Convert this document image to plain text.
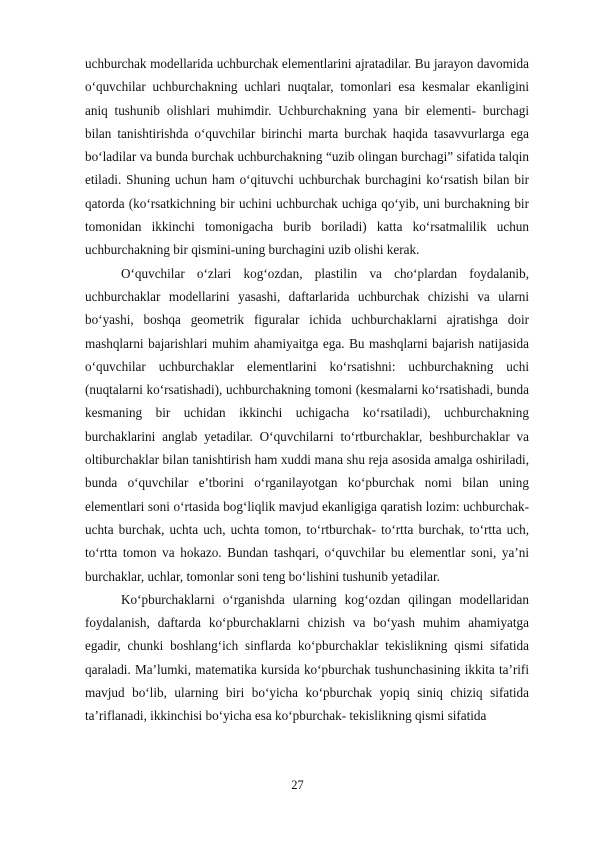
uchburchak modellarida uchburchak elementlarini ajratadilar. Bu jarayon davomida o‘quvchilar uchburchakning uchlari nuqtalar, tomonlari esa kesmalar ekanligini aniq tushunib olishlari muhimdir. Uchburchakning yana bir elementi- burchagi bilan tanishtirishda o‘quvchilar birinchi marta burchak haqida tasavvurlarga ega bo‘ladilar va bunda burchak uchburchakning “uzib olingan burchagi” sifatida talqin etiladi. Shuning uchun ham o‘qituvchi uchburchak burchagini ko‘rsatish bilan bir qatorda (ko‘rsatkichning bir uchini uchburchak uchiga qo‘yib, uni burchakning bir tomonidan ikkinchi tomonigacha burib boriladi) katta ko‘rsatmalilik uchun uchburchakning bir qismini-uning burchagini uzib olishi kerak.

O‘quvchilar o‘zlari kog‘ozdan, plastilin va cho‘plardan foydalanib, uchburchaklar modellarini yasashi, daftarlarida uchburchak chizishi va ularni bo‘yashi, boshqa geometrik figuralar ichida uchburchaklarni ajratishga doir mashqlarni bajarishlari muhim ahamiyaitga ega. Bu mashqlarni bajarish natijasida o‘quvchilar uchburchaklar elementlarini ko‘rsatishni: uchburchakning uchi (nuqtalarni ko‘rsatishadi), uchburchakning tomoni (kesmalarni ko‘rsatishadi, bunda kesmaning bir uchidan ikkinchi uchigacha ko‘rsatiladi), uchburchakning burchaklarini anglab yetadilar. O‘quvchilarni to‘rtburchaklar, beshburchaklar va oltiburchaklar bilan tanishtirish ham xuddi mana shu reja asosida amalga oshiriladi, bunda o‘quvchilar e’tborini o‘rganilayotgan ko‘pburchak nomi bilan uning elementlari soni o‘rtasida bog‘liqlik mavjud ekanligiga qaratish lozim: uchburchak-uchta burchak, uchta uch, uchta tomon, to‘rtburchak- to‘rtta burchak, to‘rtta uch, to‘rtta tomon va hokazo. Bundan tashqari, o‘quvchilar bu elementlar soni, ya’ni burchaklar, uchlar, tomonlar soni teng bo‘lishini tushunib yetadilar.

Ko‘pburchaklarni o‘rganishda ularning kog‘ozdan qilingan modellaridan foydalanish, daftarda ko‘pburchaklarni chizish va bo‘yash muhim ahamiyatga egadir, chunki boshlang‘ich sinflarda ko‘pburchaklar tekislikning qismi sifatida qaraladi. Ma’lumki, matematika kursida ko‘pburchak tushunchasining ikkita ta’rifi mavjud bo‘lib, ularning biri bo‘yicha ko‘pburchak yopiq siniq chiziq sifatida ta’riflanadi, ikkinchisi bo‘yicha esa ko‘pburchak- tekislikning qismi sifatida

27
